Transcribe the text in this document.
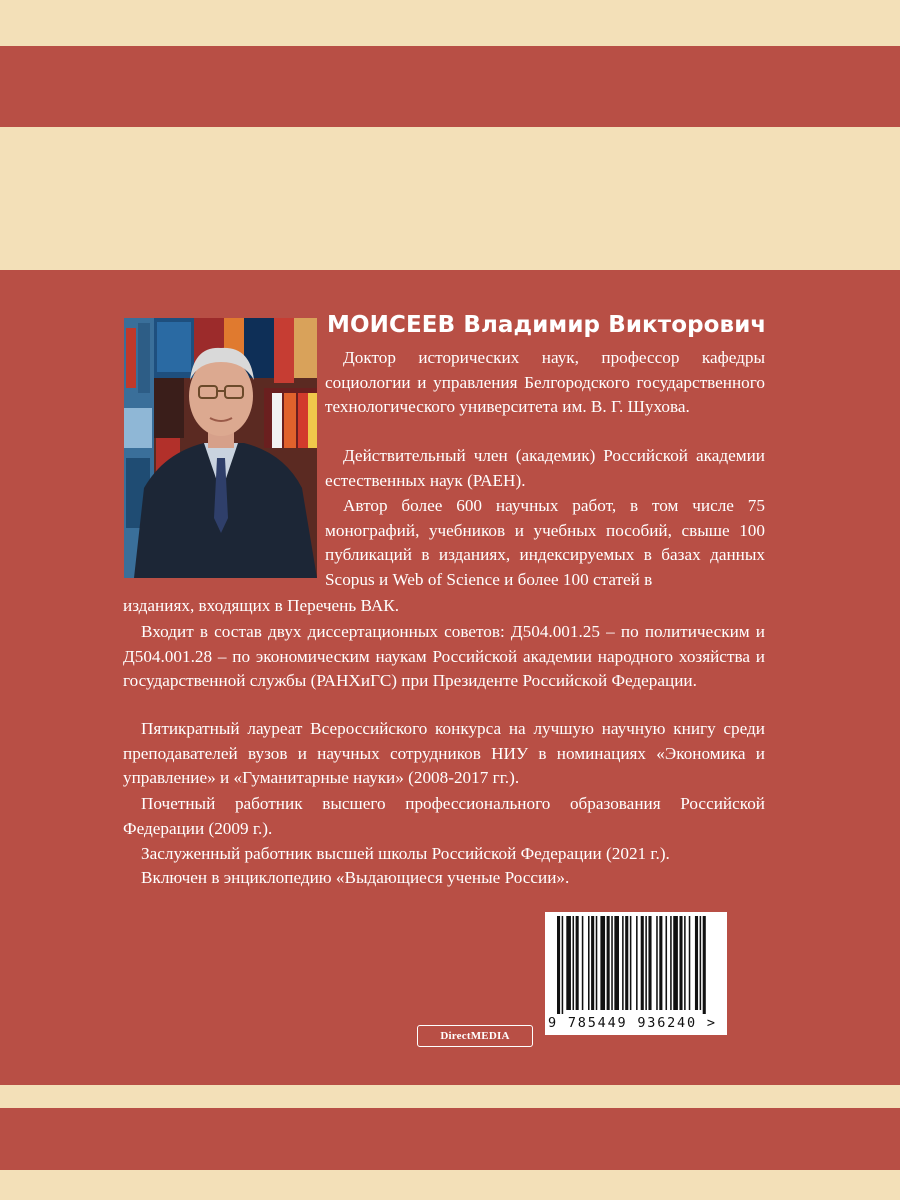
МОИСЕЕВ Владимир Викторович
Доктор исторических наук, профессор кафедры социологии и управления Белгородского государственного технологического университета им. В. Г. Шухова.
Действительный член (академик) Российской академии естественных наук (РАЕН).
Автор более 600 научных работ, в том числе 75 монографий, учебников и учебных пособий, свыше 100 публикаций в изданиях, индексируемых в базах данных Scopus и Web of Science и более 100 статей в
изданиях, входящих в Перечень ВАК.
Входит в состав двух диссертационных советов: Д504.001.25 – по политическим и Д504.001.28 – по экономическим наукам Российской академии народного хозяйства и государственной службы (РАНХиГС) при Президенте Российской Федерации.
Пятикратный лауреат Всероссийского конкурса на лучшую научную книгу среди преподавателей вузов и научных сотрудников НИУ в номинациях «Экономика и управление» и «Гуманитарные науки» (2008-2017 гг.).
Почетный работник высшего профессионального образования Российской Федерации (2009 г.).
Заслуженный работник высшей школы Российской Федерации (2021 г.).
Включен в энциклопедию «Выдающиеся ученые России».
9 785449 936240 >
DirectMEDIA
